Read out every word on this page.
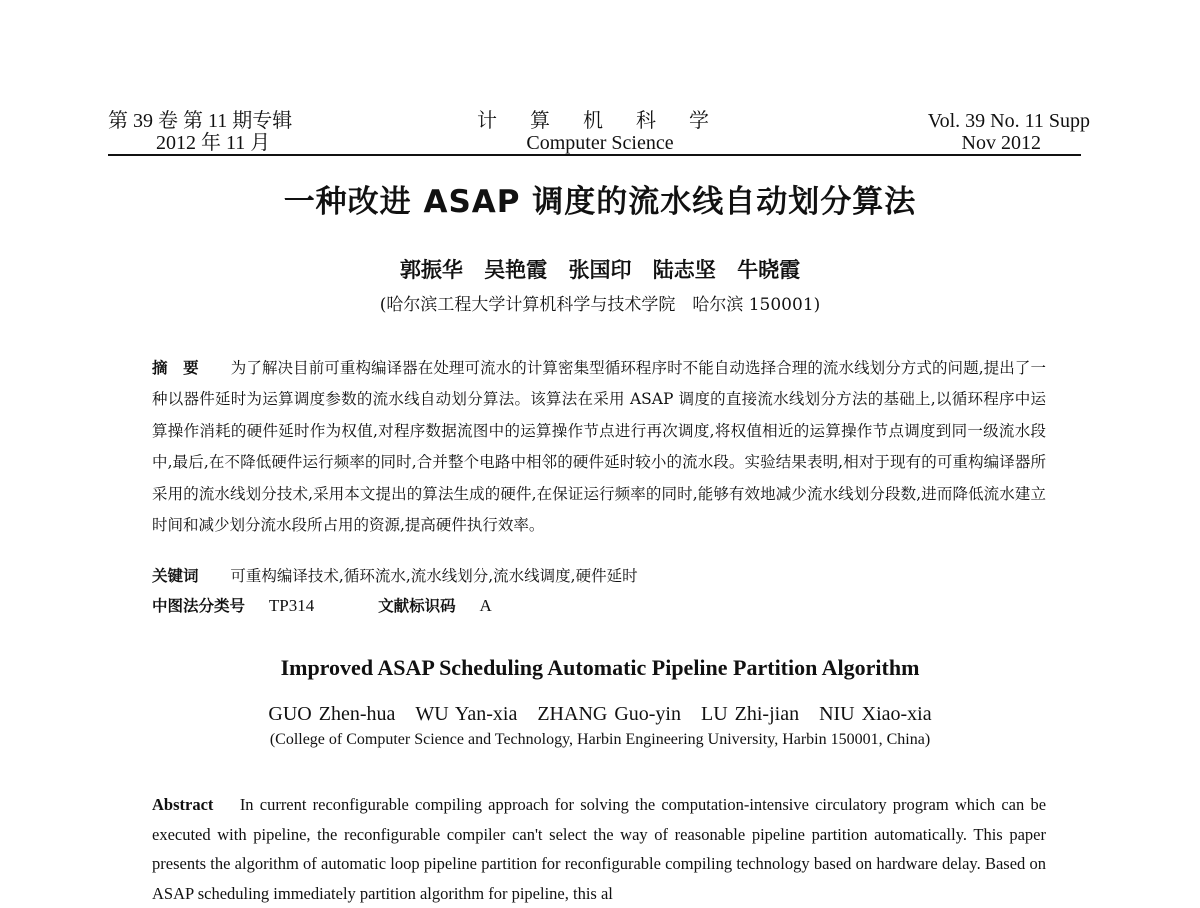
第 39 卷 第 11 期专辑
2012 年 11 月
计 算 机 科 学
Computer Science
Vol. 39 No. 11 Supp
Nov 2012
一种改进 ASAP 调度的流水线自动划分算法
郭振华 吴艳霞 张国印 陆志坚 牛晓霞
(哈尔滨工程大学计算机科学与技术学院　哈尔滨 150001)
摘　要 为了解决目前可重构编译器在处理可流水的计算密集型循环程序时不能自动选择合理的流水线划分方式的问题,提出了一种以器件延时为运算调度参数的流水线自动划分算法。该算法在采用 ASAP 调度的直接流水线划分方法的基础上,以循环程序中运算操作消耗的硬件延时作为权值,对程序数据流图中的运算操作节点进行再次调度,将权值相近的运算操作节点调度到同一级流水段中,最后,在不降低硬件运行频率的同时,合并整个电路中相邻的硬件延时较小的流水段。实验结果表明,相对于现有的可重构编译器所采用的流水线划分技术,采用本文提出的算法生成的硬件,在保证运行频率的同时,能够有效地减少流水线划分段数,进而降低流水建立时间和减少划分流水段所占用的资源,提高硬件执行效率。
关键词 可重构编译技术,循环流水,流水线划分,流水线调度,硬件延时
中图法分类号 TP314	文献标识码 A
Improved ASAP Scheduling Automatic Pipeline Partition Algorithm
GUO Zhen-hua　WU Yan-xia　ZHANG Guo-yin　LU Zhi-jian　NIU Xiao-xia
(College of Computer Science and Technology, Harbin Engineering University, Harbin 150001, China)
Abstract In current reconfigurable compiling approach for solving the computation-intensive circulatory program which can be executed with pipeline, the reconfigurable compiler can't select the way of reasonable pipeline partition automatically. This paper presents the algorithm of automatic loop pipeline partition for reconfigurable compiling technology based on hardware delay. Based on ASAP scheduling immediately partition algorithm for pipeline, this al
